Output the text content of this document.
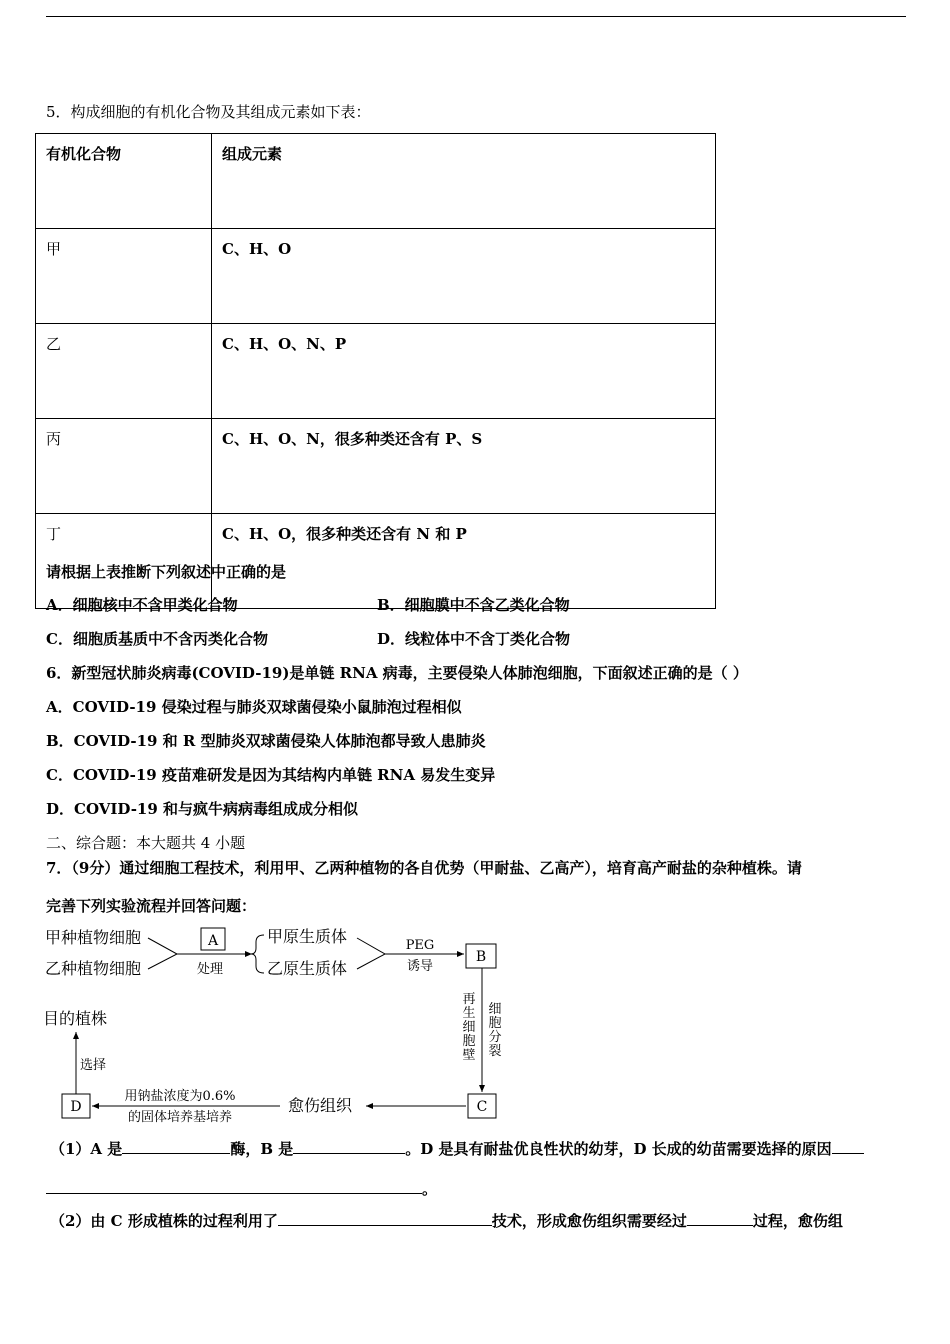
5．构成细胞的有机化合物及其组成元素如下表：
有机化合物	组成元素
甲	C、H、O
乙	C、H、O、N、P
丙	C、H、O、N，很多种类还含有 P、S
丁	C、H、O，很多种类还含有 N 和 P
请根据上表推断下列叙述中正确的是
A．细胞核中不含甲类化合物	B．细胞膜中不含乙类化合物
C．细胞质基质中不含丙类化合物	D．线粒体中不含丁类化合物
6．新型冠状肺炎病毒(COVID-19)是单链 RNA 病毒，主要侵染人体肺泡细胞，下面叙述正确的是（ ）
A．COVID-19 侵染过程与肺炎双球菌侵染小鼠肺泡过程相似
B．COVID-19 和 R 型肺炎双球菌侵染人体肺泡都导致人患肺炎
C．COVID-19 疫苗难研发是因为其结构内单链 RNA 易发生变异
D．COVID-19 和与疯牛病病毒组成成分相似
二、综合题：本大题共 4 小题
7．（9分）通过细胞工程技术，利用甲、乙两种植物的各自优势（甲耐盐、乙高产），培育高产耐盐的杂种植株。请
完善下列实验流程并回答问题：
甲种植物细胞
乙种植物细胞
A
处理
甲原生质体
乙原生质体
PEG
诱导
B
再
生
细
胞
壁
细
胞
分
裂
C
愈伤组织
用钠盐浓度为0.6%
的固体培养基培养
D
选择
目的植株
（1）A 是	酶，B 是	。D 是具有耐盐优良性状的幼芽，D 长成的幼苗需要选择的原因
。
（2）由 C 形成植株的过程利用了	技术，形成愈伤组织需要经过	过程，愈伤组
